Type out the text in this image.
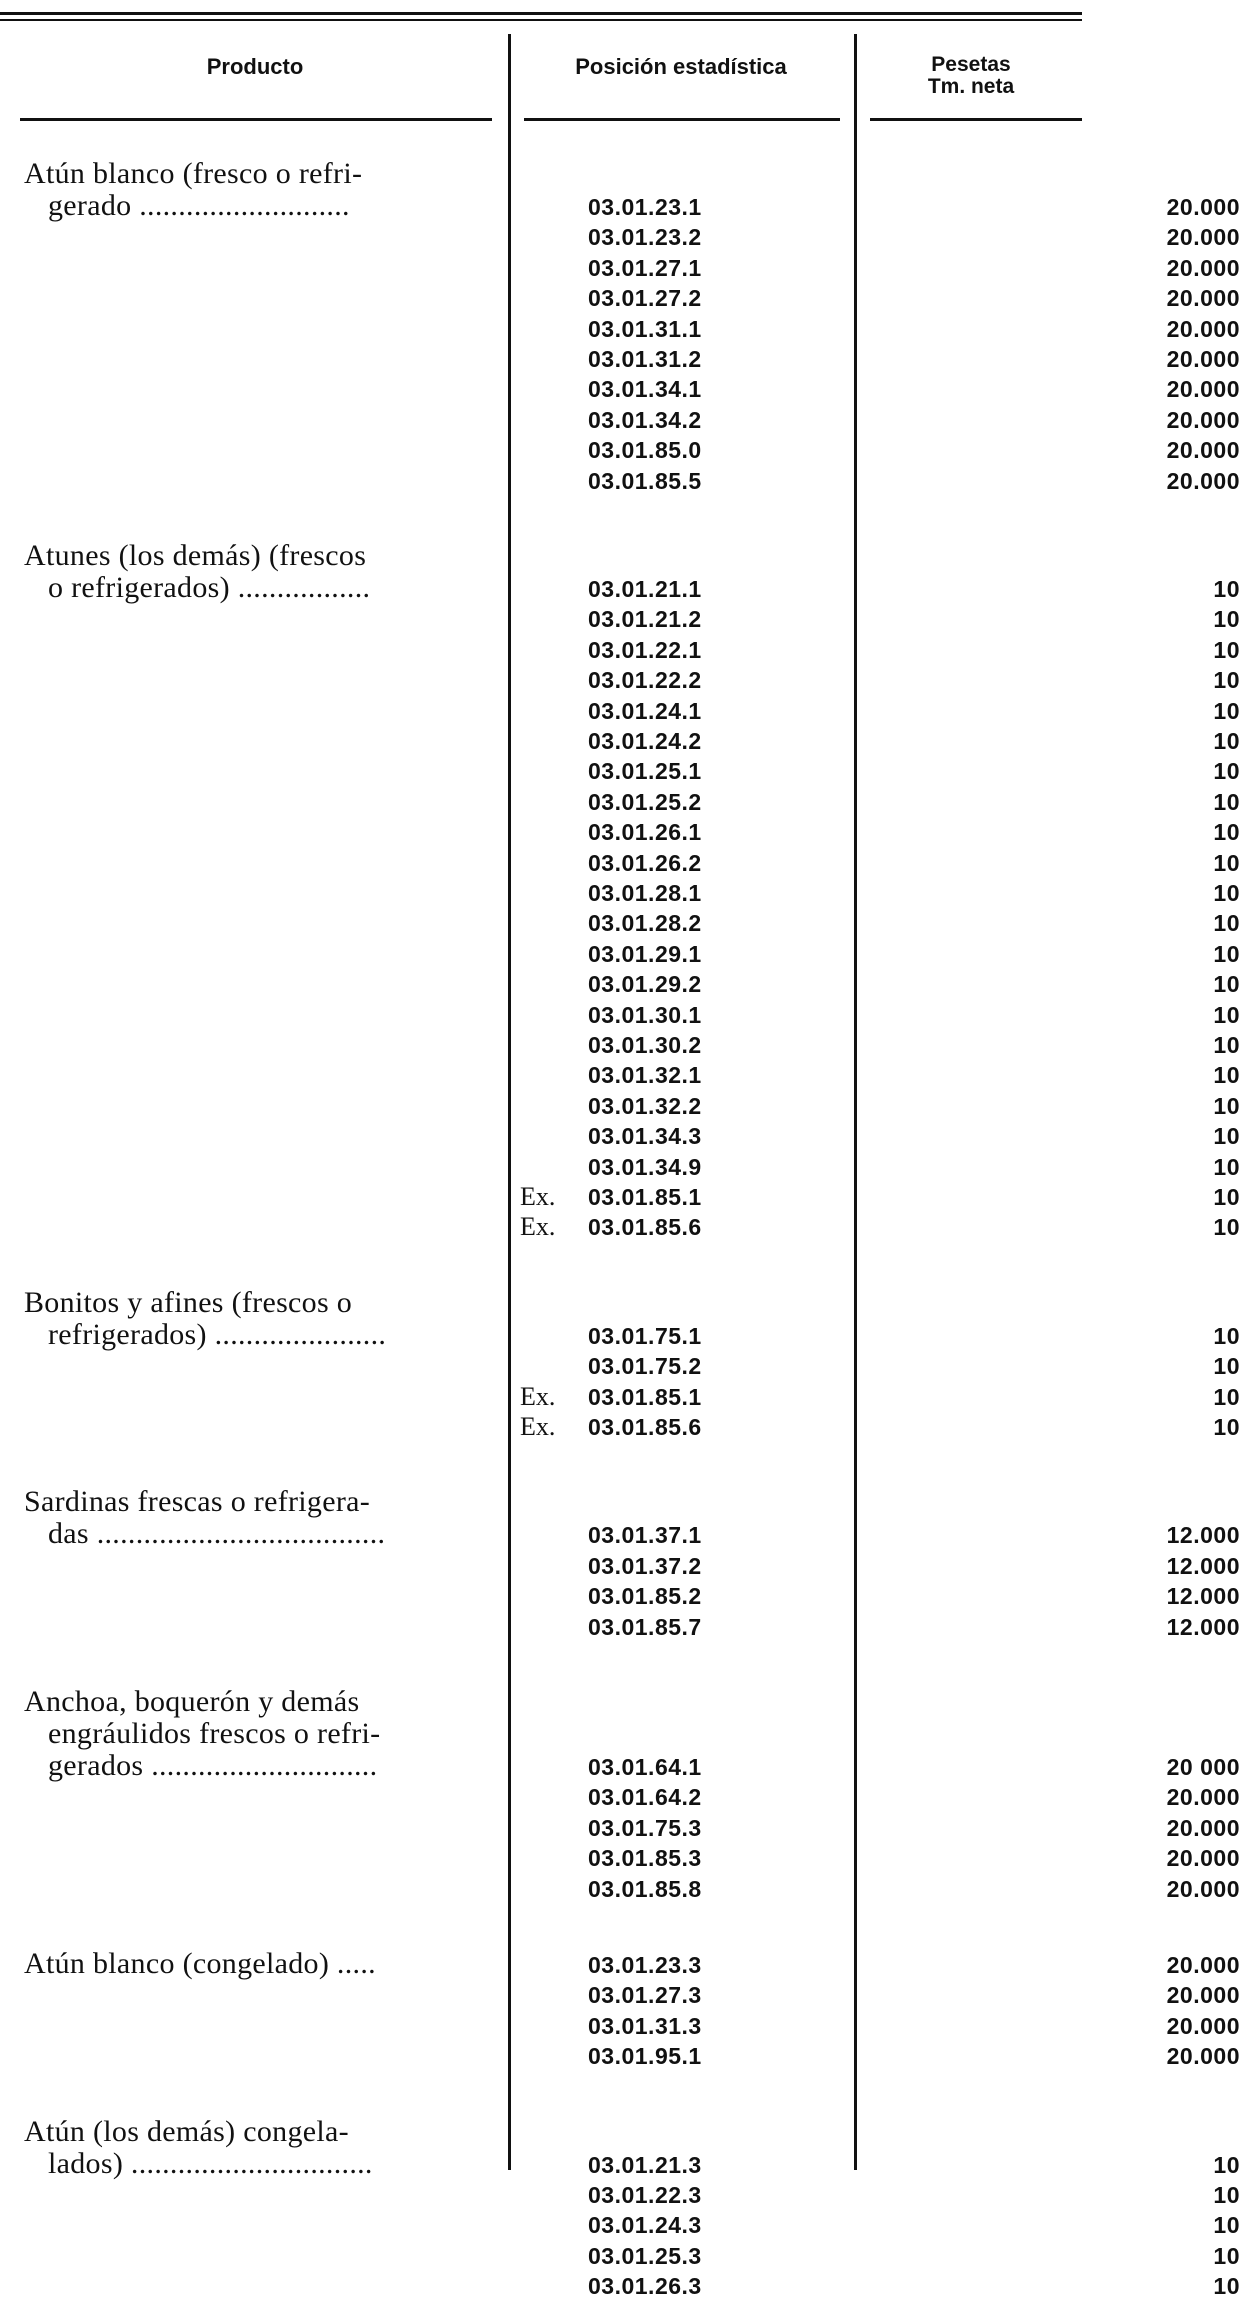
Producto	Posición estadística	Pesetas
Tm. neta
Atún blanco (fresco o refri-
gerado ...........................	03.01.23.1	20.000
03.01.23.2	20.000
03.01.27.1	20.000
03.01.27.2	20.000
03.01.31.1	20.000
03.01.31.2	20.000
03.01.34.1	20.000
03.01.34.2	20.000
03.01.85.0	20.000
03.01.85.5	20.000
Atunes (los demás) (frescos
o refrigerados) .................	03.01.21.1	10
03.01.21.2	10
03.01.22.1	10
03.01.22.2	10
03.01.24.1	10
03.01.24.2	10
03.01.25.1	10
03.01.25.2	10
03.01.26.1	10
03.01.26.2	10
03.01.28.1	10
03.01.28.2	10
03.01.29.1	10
03.01.29.2	10
03.01.30.1	10
03.01.30.2	10
03.01.32.1	10
03.01.32.2	10
03.01.34.3	10
03.01.34.9	10
Ex.	03.01.85.1	10
Ex.	03.01.85.6	10
Bonitos y afines (frescos o
refrigerados) ......................	03.01.75.1	10
03.01.75.2	10
Ex.	03.01.85.1	10
Ex.	03.01.85.6	10
Sardinas frescas o refrigera-
das .....................................	03.01.37.1	12.000
03.01.37.2	12.000
03.01.85.2	12.000
03.01.85.7	12.000
Anchoa, boquerón y demás
engráulidos frescos o refri-
gerados .............................	03.01.64.1	20 000
03.01.64.2	20.000
03.01.75.3	20.000
03.01.85.3	20.000
03.01.85.8	20.000
Atún blanco (congelado) .....	03.01.23.3	20.000
03.01.27.3	20.000
03.01.31.3	20.000
03.01.95.1	20.000
Atún (los demás) congela-
lados) ...............................	03.01.21.3	10
03.01.22.3	10
03.01.24.3	10
03.01.25.3	10
03.01.26.3	10
